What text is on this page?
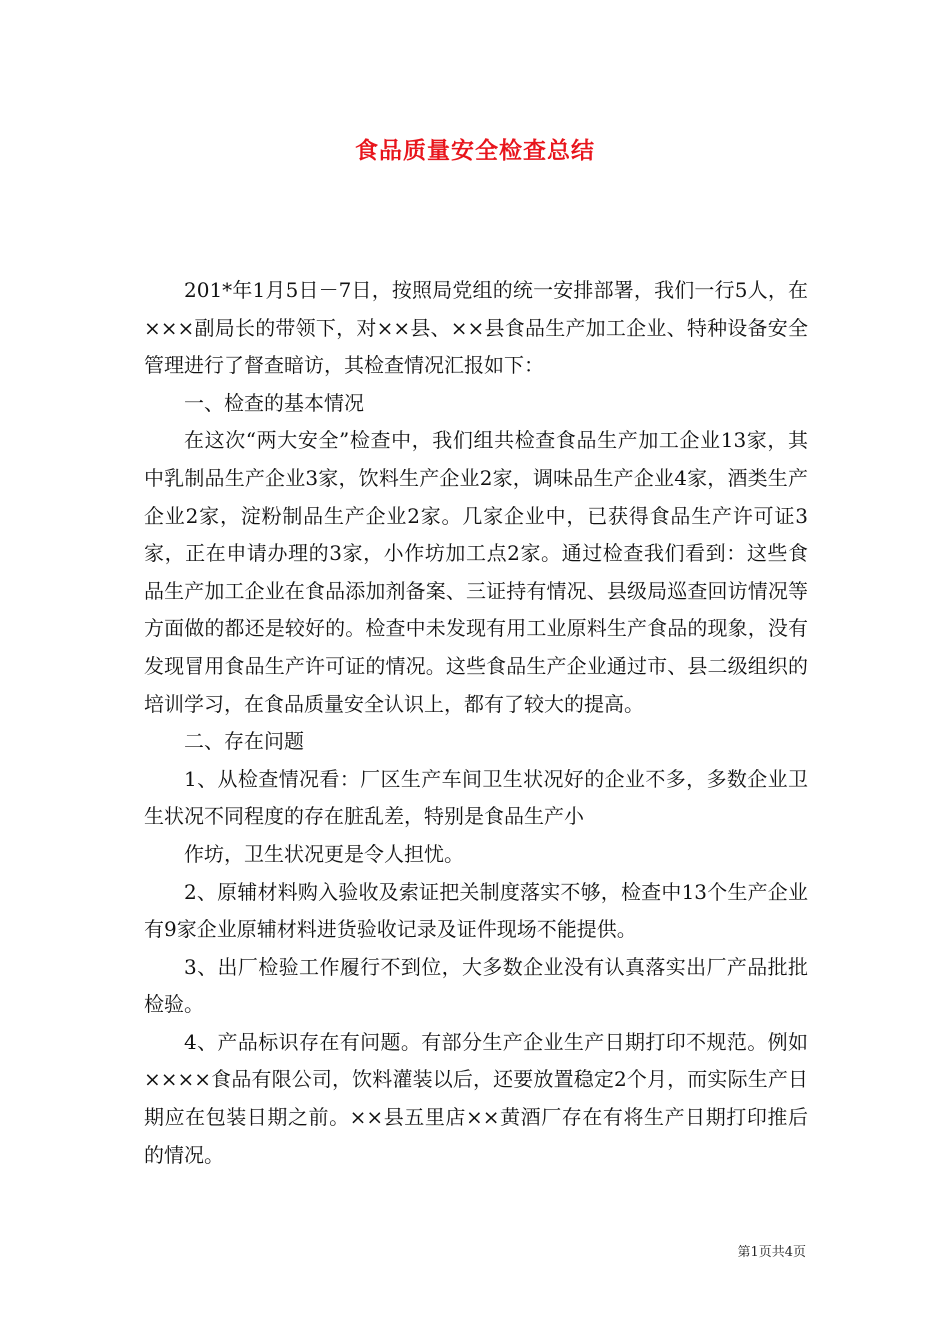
食品质量安全检查总结

201*年1月5日－7日，按照局党组的统一安排部署，我们一行5人，在×××副局长的带领下，对××县、××县食品生产加工企业、特种设备安全管理进行了督查暗访，其检查情况汇报如下：

一、检查的基本情况

在这次“两大安全”检查中，我们组共检查食品生产加工企业13家，其中乳制品生产企业3家，饮料生产企业2家，调味品生产企业4家，酒类生产企业2家，淀粉制品生产企业2家。几家企业中，已获得食品生产许可证3家，正在申请办理的3家，小作坊加工点2家。通过检查我们看到：这些食品生产加工企业在食品添加剂备案、三证持有情况、县级局巡查回访情况等方面做的都还是较好的。检查中未发现有用工业原料生产食品的现象，没有发现冒用食品生产许可证的情况。这些食品生产企业通过市、县二级组织的培训学习，在食品质量安全认识上，都有了较大的提高。

二、存在问题

1、从检查情况看：厂区生产车间卫生状况好的企业不多，多数企业卫生状况不同程度的存在脏乱差，特别是食品生产小

作坊，卫生状况更是令人担忧。

2、原辅材料购入验收及索证把关制度落实不够，检查中13个生产企业有9家企业原辅材料进货验收记录及证件现场不能提供。

3、出厂检验工作履行不到位，大多数企业没有认真落实出厂产品批批检验。

4、产品标识存在有问题。有部分生产企业生产日期打印不规范。例如××××食品有限公司，饮料灌装以后，还要放置稳定2个月，而实际生产日期应在包装日期之前。××县五里店××黄酒厂存在有将生产日期打印推后的情况。

第1页共4页
